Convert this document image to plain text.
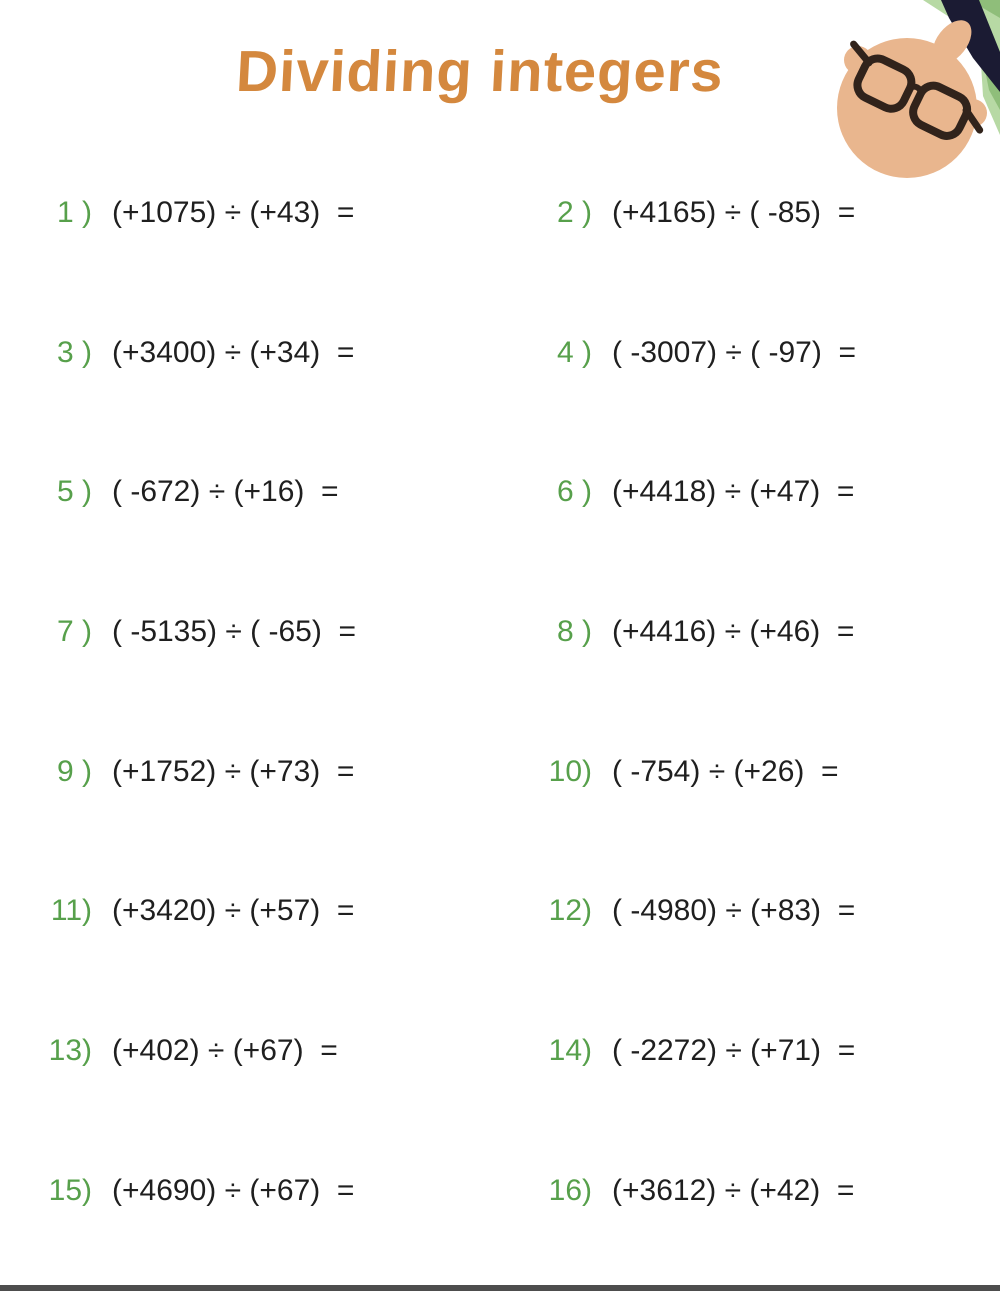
Dividing integers
1 ) (+1075) ÷ (+43)  =	2 ) (+4165) ÷ ( -85)  =
3 ) (+3400) ÷ (+34)  =	4 ) ( -3007) ÷ ( -97)  =
5 ) ( -672) ÷ (+16)  =	6 ) (+4418) ÷ (+47)  =
7 ) ( -5135) ÷ ( -65)  =	8 ) (+4416) ÷ (+46)  =
9 ) (+1752) ÷ (+73)  =	10) ( -754) ÷ (+26)  =
11) (+3420) ÷ (+57)  =	12) ( -4980) ÷ (+83)  =
13) (+402) ÷ (+67)  =	14) ( -2272) ÷ (+71)  =
15) (+4690) ÷ (+67)  =	16) (+3612) ÷ (+42)  =
